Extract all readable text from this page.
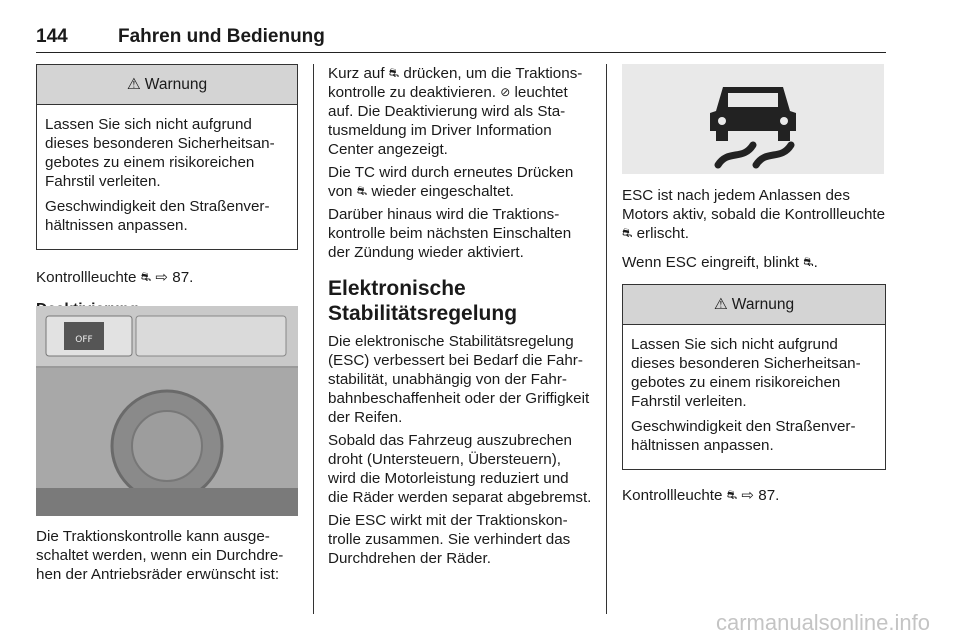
144	Fahren und Bedienung
⚠ Warnung

Lassen Sie sich nicht aufgrund dieses besonderen Sicherheitsangebotes zu einem risikoreichen Fahrstil verleiten.

Geschwindigkeit den Straßenverhältnissen anpassen.

Kontrollleuchte ⛐ ⇨ 87.

OFF

Die Traktionskontrolle kann ausgeschaltet werden, wenn ein Durchdrehen der Antriebsräder erwünscht ist:

Kurz auf ⛐ drücken, um die Traktionskontrolle zu deaktivieren. ⊘ leuchtet auf. Die Deaktivierung wird als Statusmeldung im Driver Information Center angezeigt.

Die TC wird durch erneutes Drücken von ⛐ wieder eingeschaltet.

Darüber hinaus wird die Traktionskontrolle beim nächsten Einschalten der Zündung wieder aktiviert.

Elektronische Stabilitätsregelung

Die elektronische Stabilitätsregelung (ESC) verbessert bei Bedarf die Fahrstabilität, unabhängig von der Fahrbahnbeschaffenheit oder der Griffigkeit der Reifen.

Sobald das Fahrzeug auszubrechen droht (Untersteuern, Übersteuern), wird die Motorleistung reduziert und die Räder werden separat abgebremst.

Die ESC wirkt mit der Traktionskontrolle zusammen. Sie verhindert das Durchdrehen der Räder.

ESC ist nach jedem Anlassen des Motors aktiv, sobald die Kontrollleuchte ⛐ erlischt.

Wenn ESC eingreift, blinkt ⛐.

⚠ Warnung

Lassen Sie sich nicht aufgrund dieses besonderen Sicherheitsangebotes zu einem risikoreichen Fahrstil verleiten.

Geschwindigkeit den Straßenverhältnissen anpassen.

Kontrollleuchte ⛐ ⇨ 87.

carmanualsonline.info
